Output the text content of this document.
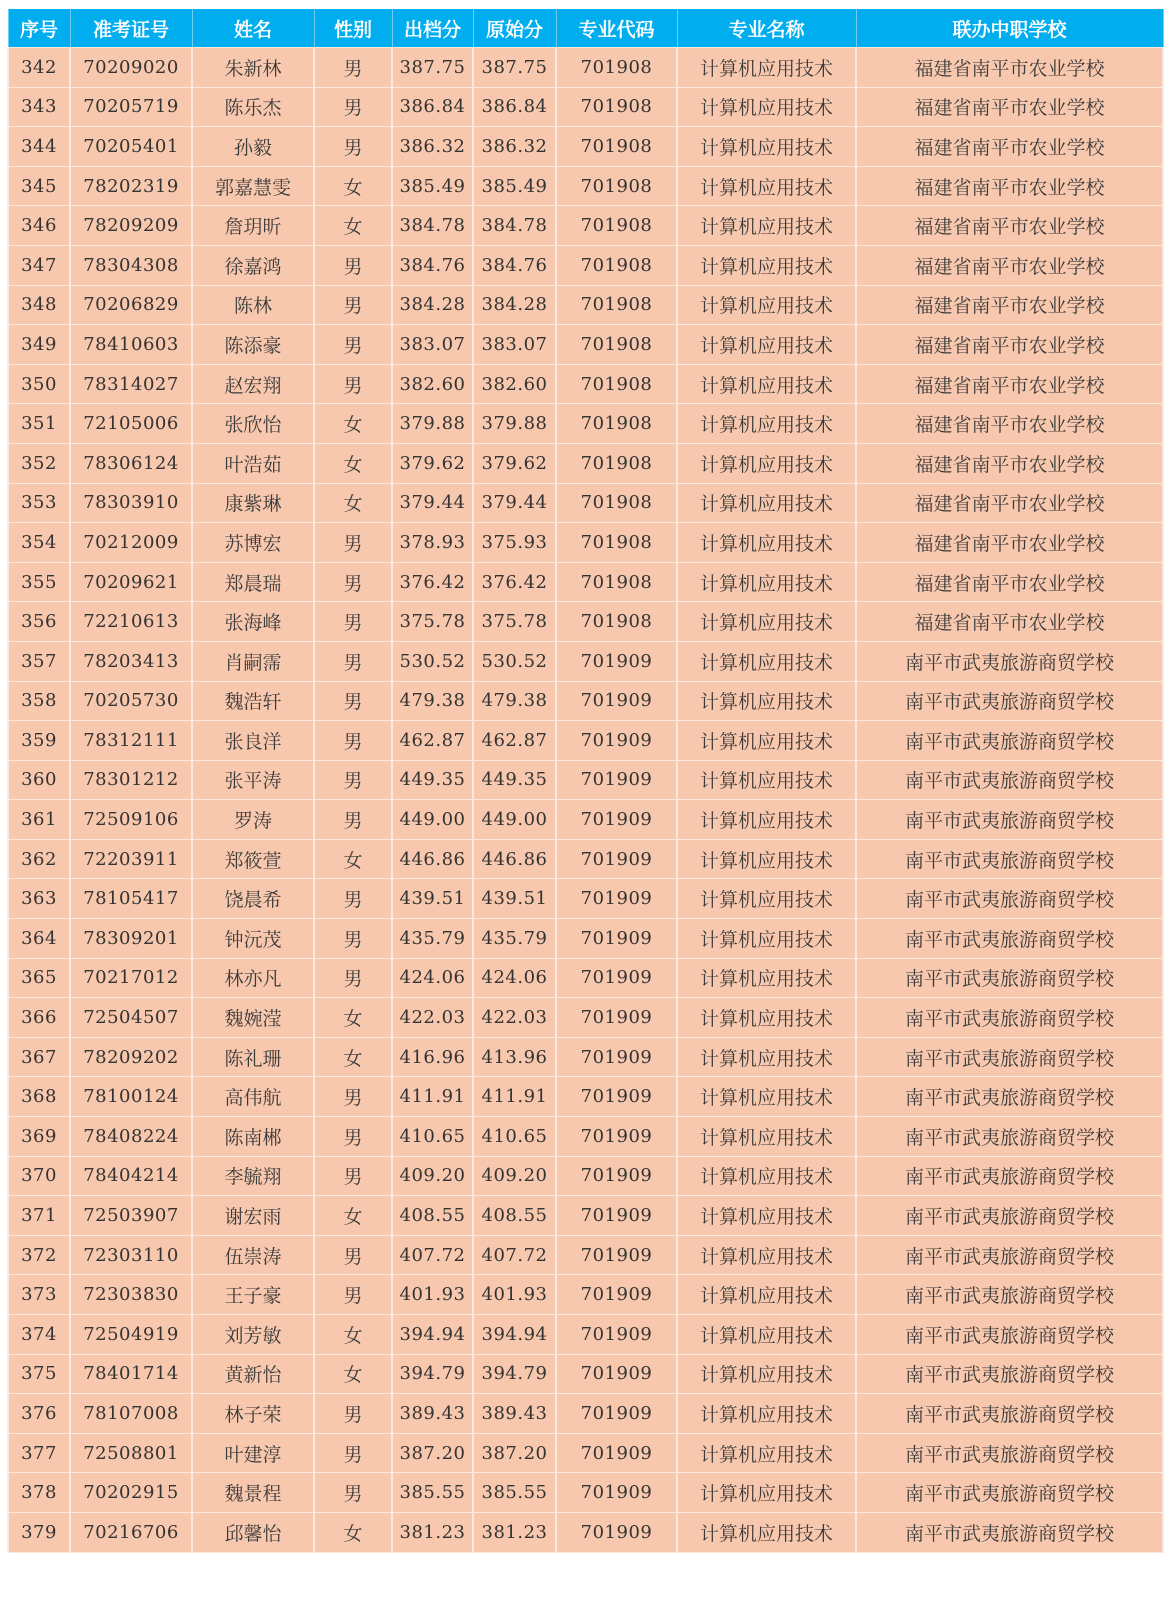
序号	准考证号	姓名	性别	出档分	原始分	专业代码	专业名称	联办中职学校
342	70209020	朱新林	男	387.75	387.75	701908	计算机应用技术	福建省南平市农业学校
343	70205719	陈乐杰	男	386.84	386.84	701908	计算机应用技术	福建省南平市农业学校
344	70205401	孙毅	男	386.32	386.32	701908	计算机应用技术	福建省南平市农业学校
345	78202319	郭嘉慧雯	女	385.49	385.49	701908	计算机应用技术	福建省南平市农业学校
346	78209209	詹玥昕	女	384.78	384.78	701908	计算机应用技术	福建省南平市农业学校
347	78304308	徐嘉鸿	男	384.76	384.76	701908	计算机应用技术	福建省南平市农业学校
348	70206829	陈林	男	384.28	384.28	701908	计算机应用技术	福建省南平市农业学校
349	78410603	陈添豪	男	383.07	383.07	701908	计算机应用技术	福建省南平市农业学校
350	78314027	赵宏翔	男	382.60	382.60	701908	计算机应用技术	福建省南平市农业学校
351	72105006	张欣怡	女	379.88	379.88	701908	计算机应用技术	福建省南平市农业学校
352	78306124	叶浩茹	女	379.62	379.62	701908	计算机应用技术	福建省南平市农业学校
353	78303910	康紫琳	女	379.44	379.44	701908	计算机应用技术	福建省南平市农业学校
354	70212009	苏博宏	男	378.93	375.93	701908	计算机应用技术	福建省南平市农业学校
355	70209621	郑晨瑞	男	376.42	376.42	701908	计算机应用技术	福建省南平市农业学校
356	72210613	张海峰	男	375.78	375.78	701908	计算机应用技术	福建省南平市农业学校
357	78203413	肖嗣霈	男	530.52	530.52	701909	计算机应用技术	南平市武夷旅游商贸学校
358	70205730	魏浩轩	男	479.38	479.38	701909	计算机应用技术	南平市武夷旅游商贸学校
359	78312111	张良洋	男	462.87	462.87	701909	计算机应用技术	南平市武夷旅游商贸学校
360	78301212	张平涛	男	449.35	449.35	701909	计算机应用技术	南平市武夷旅游商贸学校
361	72509106	罗涛	男	449.00	449.00	701909	计算机应用技术	南平市武夷旅游商贸学校
362	72203911	郑筱萱	女	446.86	446.86	701909	计算机应用技术	南平市武夷旅游商贸学校
363	78105417	饶晨希	男	439.51	439.51	701909	计算机应用技术	南平市武夷旅游商贸学校
364	78309201	钟沅茂	男	435.79	435.79	701909	计算机应用技术	南平市武夷旅游商贸学校
365	70217012	林亦凡	男	424.06	424.06	701909	计算机应用技术	南平市武夷旅游商贸学校
366	72504507	魏婉滢	女	422.03	422.03	701909	计算机应用技术	南平市武夷旅游商贸学校
367	78209202	陈礼珊	女	416.96	413.96	701909	计算机应用技术	南平市武夷旅游商贸学校
368	78100124	高伟航	男	411.91	411.91	701909	计算机应用技术	南平市武夷旅游商贸学校
369	78408224	陈南郴	男	410.65	410.65	701909	计算机应用技术	南平市武夷旅游商贸学校
370	78404214	李毓翔	男	409.20	409.20	701909	计算机应用技术	南平市武夷旅游商贸学校
371	72503907	谢宏雨	女	408.55	408.55	701909	计算机应用技术	南平市武夷旅游商贸学校
372	72303110	伍崇涛	男	407.72	407.72	701909	计算机应用技术	南平市武夷旅游商贸学校
373	72303830	王子豪	男	401.93	401.93	701909	计算机应用技术	南平市武夷旅游商贸学校
374	72504919	刘芳敏	女	394.94	394.94	701909	计算机应用技术	南平市武夷旅游商贸学校
375	78401714	黄新怡	女	394.79	394.79	701909	计算机应用技术	南平市武夷旅游商贸学校
376	78107008	林子荣	男	389.43	389.43	701909	计算机应用技术	南平市武夷旅游商贸学校
377	72508801	叶建淳	男	387.20	387.20	701909	计算机应用技术	南平市武夷旅游商贸学校
378	70202915	魏景程	男	385.55	385.55	701909	计算机应用技术	南平市武夷旅游商贸学校
379	70216706	邱馨怡	女	381.23	381.23	701909	计算机应用技术	南平市武夷旅游商贸学校
